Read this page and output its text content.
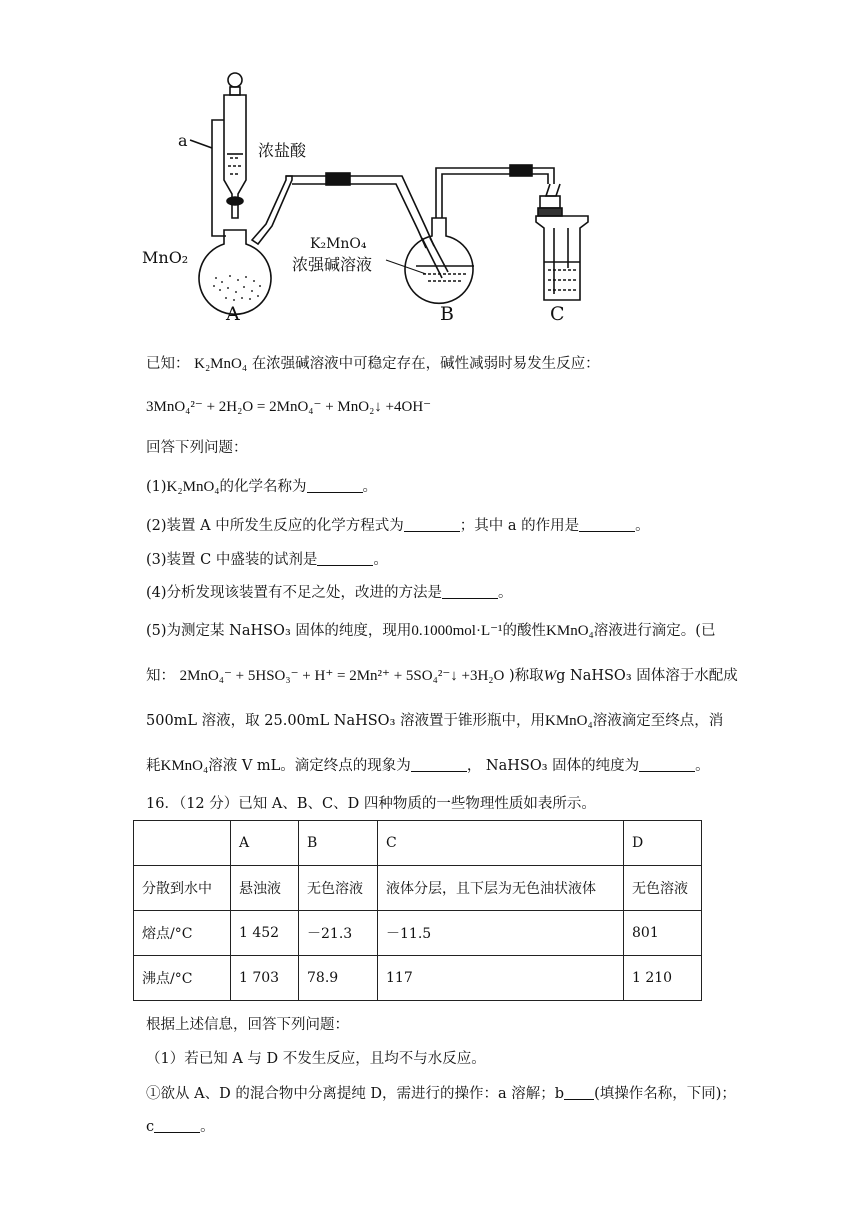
a
浓盐酸
MnO₂
K₂MnO₄
浓强碱溶液
A	B	C
已知： K₂MnO₄ 在浓强碱溶液中可稳定存在，碱性减弱时易发生反应：
3MnO₄²⁻ + 2H₂O = 2MnO₄⁻ + MnO₂↓ +4OH⁻
回答下列问题：
(1)K₂MnO₄的化学名称为	。
(2)装置 A 中所发生反应的化学方程式为	；其中 a 的作用是	。
(3)装置 C 中盛装的试剂是	。
(4)分析发现该装置有不足之处，改进的方法是	。
(5)为测定某 NaHSO₃ 固体的纯度，现用0.1000mol·L⁻¹的酸性KMnO₄溶液进行滴定。(已
知： 2MnO₄⁻ + 5HSO₃⁻ + H⁺ = 2Mn²⁺ + 5SO₄²⁻↓ +3H₂O )称取Wg NaHSO₃ 固体溶于水配成
500mL 溶液，取 25.00mL NaHSO₃ 溶液置于锥形瓶中，用KMnO₄溶液滴定至终点，消
耗KMnO₄溶液 V mL。滴定终点的现象为	， NaHSO₃ 固体的纯度为	。
16．（12 分）已知 A、B、C、D 四种物质的一些物理性质如表所示。
	A	B	C	D
分散到水中	悬浊液	无色溶液	液体分层，且下层为无色油状液体	无色溶液
熔点/°C	1 452	－21.3	－11.5	801
沸点/°C	1 703	78.9	117	1 210
根据上述信息，回答下列问题：
（1）若已知 A 与 D 不发生反应，且均不与水反应。
①欲从 A、D 的混合物中分离提纯 D，需进行的操作：a 溶解；b (填操作名称，下同)；
c	。
